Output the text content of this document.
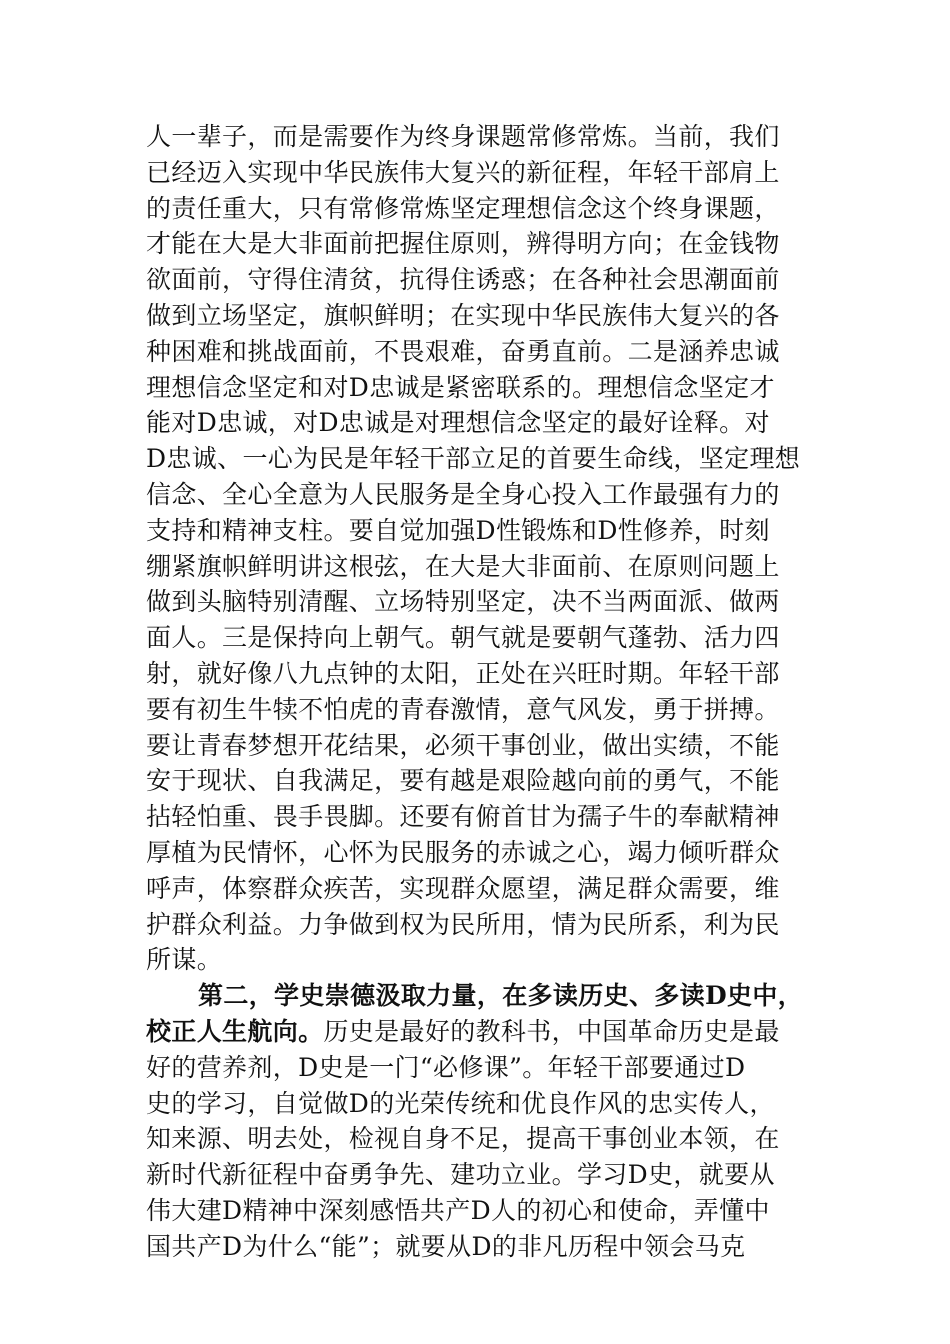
人一辈子，而是需要作为终身课题常修常炼。当前，我们
已经迈入实现中华民族伟大复兴的新征程，年轻干部肩上
的责任重大，只有常修常炼坚定理想信念这个终身课题，
才能在大是大非面前把握住原则，辨得明方向；在金钱物
欲面前，守得住清贫，抗得住诱惑；在各种社会思潮面前
做到立场坚定，旗帜鲜明；在实现中华民族伟大复兴的各
种困难和挑战面前，不畏艰难，奋勇直前。二是涵养忠诚
理想信念坚定和对D忠诚是紧密联系的。理想信念坚定才
能对D忠诚，对D忠诚是对理想信念坚定的最好诠释。对
D忠诚、一心为民是年轻干部立足的首要生命线，坚定理想
信念、全心全意为人民服务是全身心投入工作最强有力的
支持和精神支柱。要自觉加强D性锻炼和D性修养，时刻
绷紧旗帜鲜明讲这根弦，在大是大非面前、在原则问题上
做到头脑特别清醒、立场特别坚定，决不当两面派、做两
面人。三是保持向上朝气。朝气就是要朝气蓬勃、活力四
射，就好像八九点钟的太阳，正处在兴旺时期。年轻干部
要有初生牛犊不怕虎的青春激情，意气风发，勇于拼搏。
要让青春梦想开花结果，必须干事创业，做出实绩，不能
安于现状、自我满足，要有越是艰险越向前的勇气，不能
拈轻怕重、畏手畏脚。还要有俯首甘为孺子牛的奉献精神
厚植为民情怀，心怀为民服务的赤诚之心，竭力倾听群众
呼声，体察群众疾苦，实现群众愿望，满足群众需要，维
护群众利益。力争做到权为民所用，情为民所系，利为民
所谋。
第二，学史崇德汲取力量，在多读历史、多读D史中，
校正人生航向。历史是最好的教科书，中国革命历史是最
好的营养剂，D史是一门“必修课”。年轻干部要通过D
史的学习，自觉做D的光荣传统和优良作风的忠实传人，
知来源、明去处，检视自身不足，提高干事创业本领，在
新时代新征程中奋勇争先、建功立业。学习D史，就要从
伟大建D精神中深刻感悟共产D人的初心和使命，弄懂中
国共产D为什么“能”；就要从D的非凡历程中领会马克
